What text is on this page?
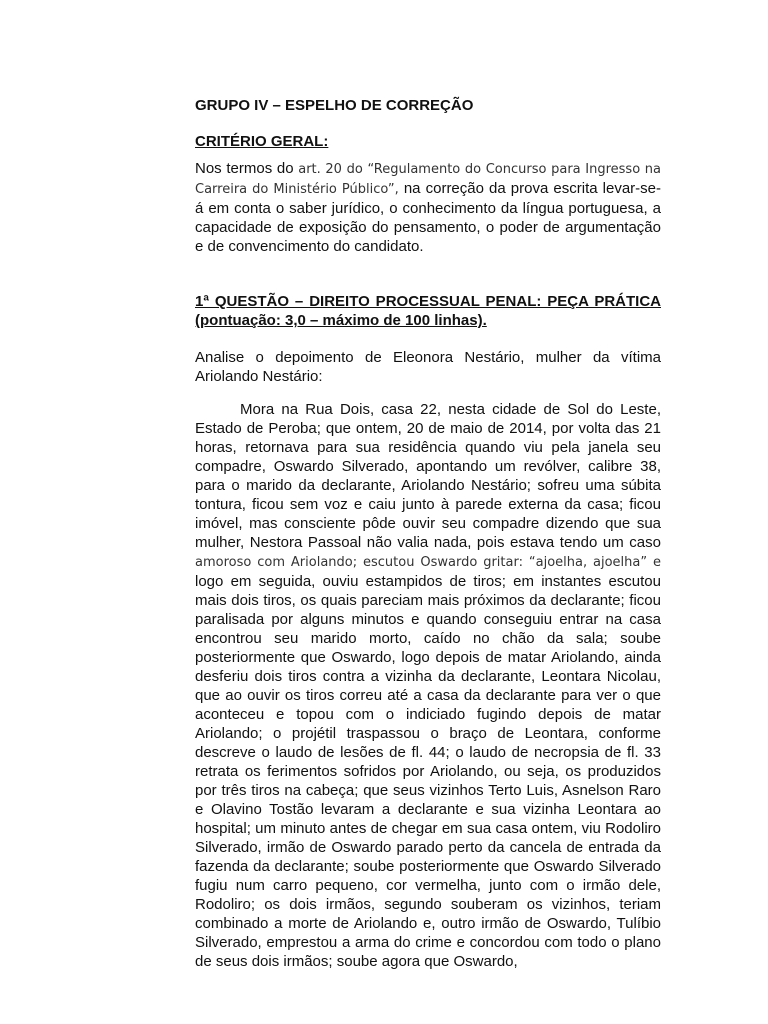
GRUPO IV – ESPELHO DE CORREÇÃO

CRITÉRIO GERAL:

Nos termos do art. 20 do “Regulamento do Concurso para Ingresso na Carreira do Ministério Público”, na correção da prova escrita levar-se-á em conta o saber jurídico, o conhecimento da língua portuguesa, a capacidade de exposição do pensamento, o poder de argumentação e de convencimento do candidato.

1ª QUESTÃO – DIREITO PROCESSUAL PENAL: PEÇA PRÁTICA (pontuação: 3,0 – máximo de 100 linhas).

Analise o depoimento de Eleonora Nestário, mulher da vítima Ariolando Nestário:

Mora na Rua Dois, casa 22, nesta cidade de Sol do Leste, Estado de Peroba; que ontem, 20 de maio de 2014, por volta das 21 horas, retornava para sua residência quando viu pela janela seu compadre, Oswardo Silverado, apontando um revólver, calibre 38, para o marido da declarante, Ariolando Nestário; sofreu uma súbita tontura, ficou sem voz e caiu junto à parede externa da casa; ficou imóvel, mas consciente pôde ouvir seu compadre dizendo que sua mulher, Nestora Passoal não valia nada, pois estava tendo um caso amoroso com Ariolando; escutou Oswardo gritar: “ajoelha, ajoelha” e logo em seguida, ouviu estampidos de tiros; em instantes escutou mais dois tiros, os quais pareciam mais próximos da declarante; ficou paralisada por alguns minutos e quando conseguiu entrar na casa encontrou seu marido morto, caído no chão da sala; soube posteriormente que Oswardo, logo depois de matar Ariolando, ainda desferiu dois tiros contra a vizinha da declarante, Leontara Nicolau, que ao ouvir os tiros correu até a casa da declarante para ver o que aconteceu e topou com o indiciado fugindo depois de matar Ariolando; o projétil traspassou o braço de Leontara, conforme descreve o laudo de lesões de fl. 44; o laudo de necropsia de fl. 33 retrata os ferimentos sofridos por Ariolando, ou seja, os produzidos por três tiros na cabeça; que seus vizinhos Terto Luis, Asnelson Raro e Olavino Tostão levaram a declarante e sua vizinha Leontara ao hospital; um minuto antes de chegar em sua casa ontem, viu Rodoliro Silverado, irmão de Oswardo parado perto da cancela de entrada da fazenda da declarante; soube posteriormente que Oswardo Silverado fugiu num carro pequeno, cor vermelha, junto com o irmão dele, Rodoliro; os dois irmãos, segundo souberam os vizinhos, teriam combinado a morte de Ariolando e, outro irmão de Oswardo, Tulíbio Silverado, emprestou a arma do crime e concordou com todo o plano de seus dois irmãos; soube agora que Oswardo,
